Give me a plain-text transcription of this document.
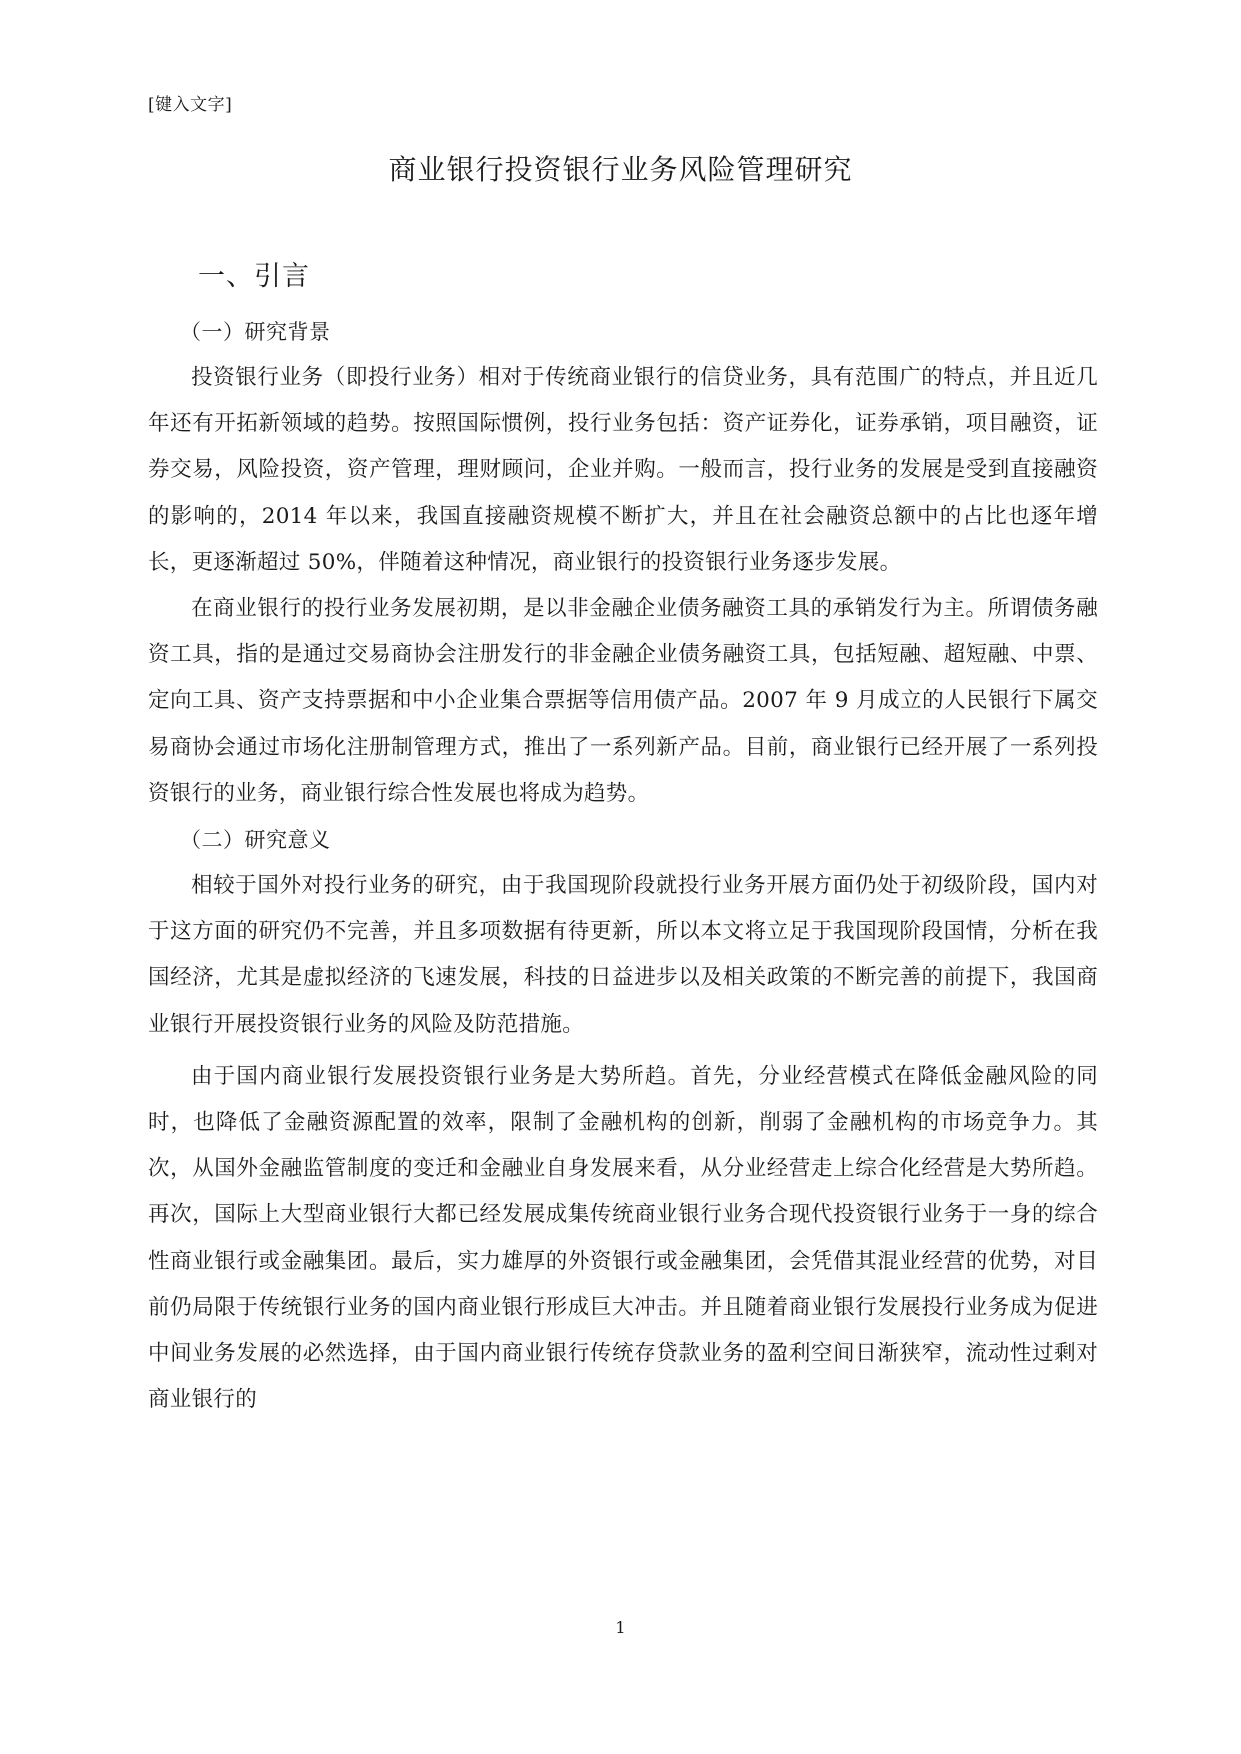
[键入文字]
商业银行投资银行业务风险管理研究
一、引言
（一）研究背景

投资银行业务（即投行业务）相对于传统商业银行的信贷业务，具有范围广的特点，并且近几年还有开拓新领域的趋势。按照国际惯例，投行业务包括：资产证券化，证券承销，项目融资，证券交易，风险投资，资产管理，理财顾问，企业并购。一般而言，投行业务的发展是受到直接融资的影响的，2014 年以来，我国直接融资规模不断扩大，并且在社会融资总额中的占比也逐年增长，更逐渐超过 50%，伴随着这种情况，商业银行的投资银行业务逐步发展。

在商业银行的投行业务发展初期，是以非金融企业债务融资工具的承销发行为主。所谓债务融资工具，指的是通过交易商协会注册发行的非金融企业债务融资工具，包括短融、超短融、中票、定向工具、资产支持票据和中小企业集合票据等信用债产品。2007 年 9 月成立的人民银行下属交易商协会通过市场化注册制管理方式，推出了一系列新产品。目前，商业银行已经开展了一系列投资银行的业务，商业银行综合性发展也将成为趋势。

（二）研究意义

相较于国外对投行业务的研究，由于我国现阶段就投行业务开展方面仍处于初级阶段，国内对于这方面的研究仍不完善，并且多项数据有待更新，所以本文将立足于我国现阶段国情，分析在我国经济，尤其是虚拟经济的飞速发展，科技的日益进步以及相关政策的不断完善的前提下，我国商业银行开展投资银行业务的风险及防范措施。

由于国内商业银行发展投资银行业务是大势所趋。首先，分业经营模式在降低金融风险的同时，也降低了金融资源配置的效率，限制了金融机构的创新，削弱了金融机构的市场竞争力。其次，从国外金融监管制度的变迁和金融业自身发展来看，从分业经营走上综合化经营是大势所趋。再次，国际上大型商业银行大都已经发展成集传统商业银行业务合现代投资银行业务于一身的综合性商业银行或金融集团。最后，实力雄厚的外资银行或金融集团，会凭借其混业经营的优势，对目前仍局限于传统银行业务的国内商业银行形成巨大冲击。并且随着商业银行发展投行业务成为促进中间业务发展的必然选择，由于国内商业银行传统存贷款业务的盈利空间日渐狭窄，流动性过剩对商业银行的

1
